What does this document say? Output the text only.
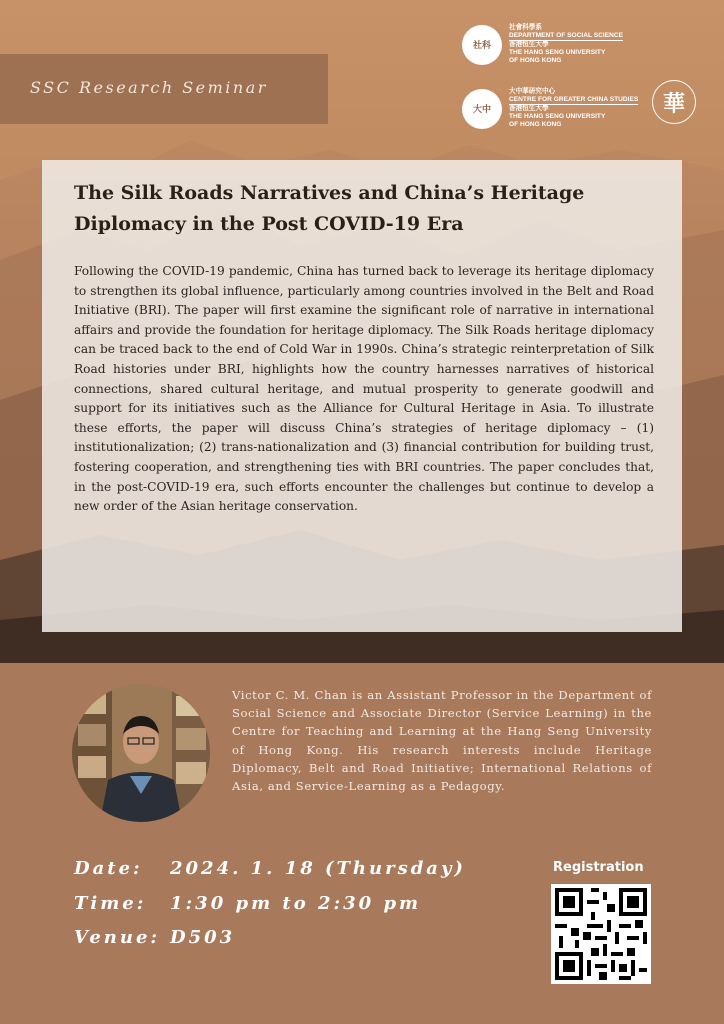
SSC Research Seminar
社科
社會科學系
DEPARTMENT OF SOCIAL SCIENCE
香港恒生大學
THE HANG SENG UNIVERSITY
OF HONG KONG
大中
大中華研究中心
CENTRE FOR GREATER CHINA STUDIES
香港恒生大學
THE HANG SENG UNIVERSITY
OF HONG KONG
華
The Silk Roads Narratives and China’s Heritage
Diplomacy in the Post COVID-19 Era
Following the COVID-19 pandemic, China has turned back to leverage its heritage diplomacy to strengthen its global influence, particularly among countries involved in the Belt and Road Initiative (BRI). The paper will first examine the significant role of narrative in international affairs and provide the foundation for heritage diplomacy. The Silk Roads heritage diplomacy can be traced back to the end of Cold War in 1990s. China’s strategic reinterpretation of Silk Road histories under BRI, highlights how the country harnesses narratives of historical connections, shared cultural heritage, and mutual prosperity to generate goodwill and support for its initiatives such as the Alliance for Cultural Heritage in Asia. To illustrate these efforts, the paper will discuss China’s strategies of heritage diplomacy – (1) institutionalization; (2) trans-nationalization and (3) financial contribution for building trust, fostering cooperation, and strengthening ties with BRI countries. The paper concludes that, in the post-COVID-19 era, such efforts encounter the challenges but continue to develop a new order of the Asian heritage conservation.
Victor C. M. Chan is an Assistant Professor in the Department of Social Science and Associate Director (Service Learning) in the Centre for Teaching and Learning at the Hang Seng University of Hong Kong. His research interests include Heritage Diplomacy, Belt and Road Initiative; International Relations of Asia, and Service-Learning as a Pedagogy.
Date: 2024. 1. 18 (Thursday)
Time: 1:30 pm to 2:30 pm
Venue: D503
Registration
